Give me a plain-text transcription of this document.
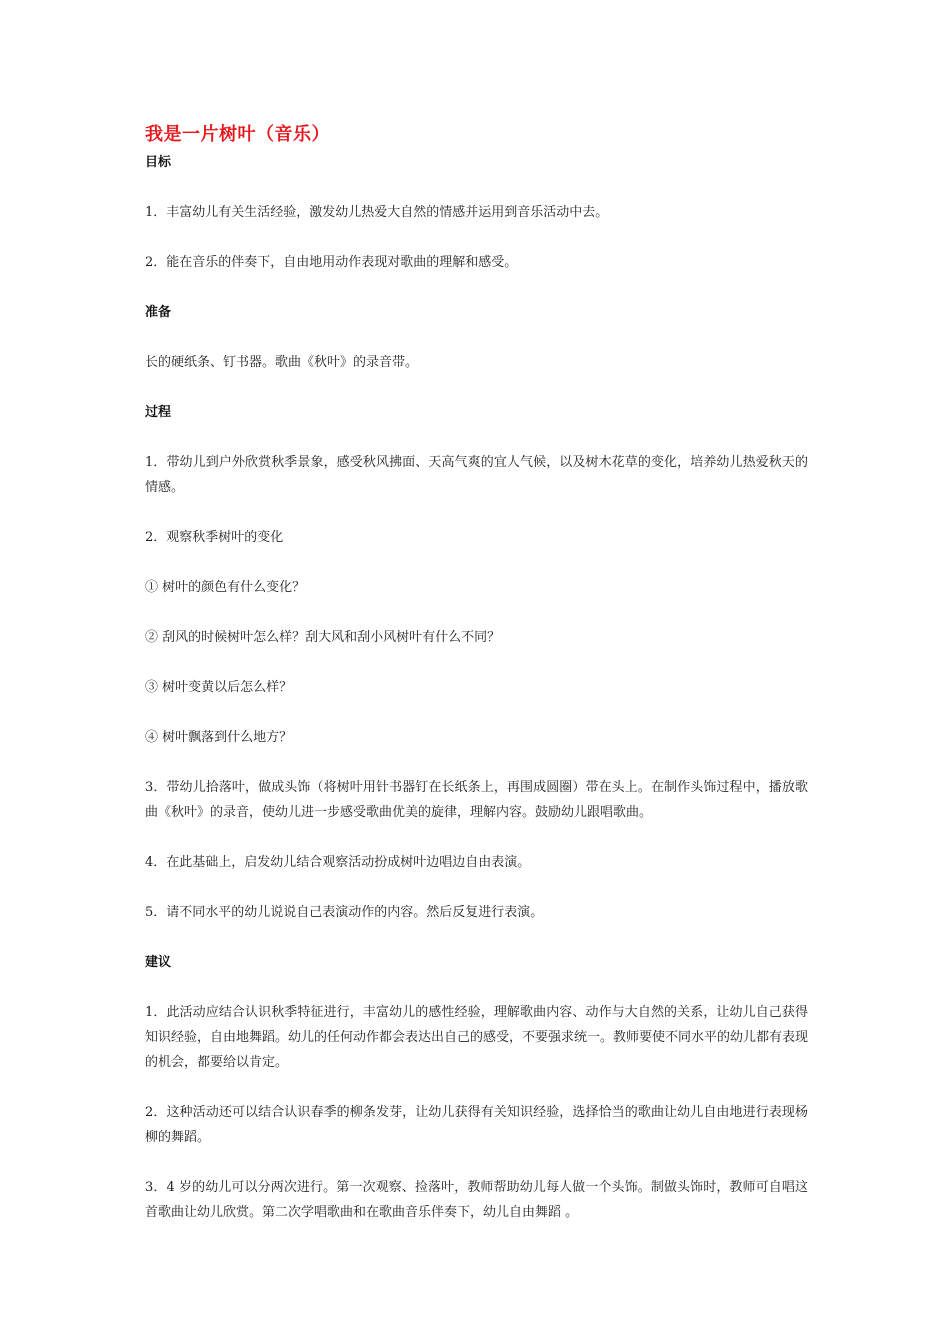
我是一片树叶（音乐）
目标

1．丰富幼儿有关生活经验，激发幼儿热爱大自然的情感并运用到音乐活动中去。

2．能在音乐的伴奏下，自由地用动作表现对歌曲的理解和感受。

准备

长的硬纸条、钉书器。歌曲《秋叶》的录音带。

过程

1．带幼儿到户外欣赏秋季景象，感受秋风拂面、天高气爽的宜人气候，以及树木花草的变化，培养幼儿热爱秋天的情感。

2．观察秋季树叶的变化

① 树叶的颜色有什么变化？

② 刮风的时候树叶怎么样？刮大风和刮小风树叶有什么不同？

③ 树叶变黄以后怎么样？

④ 树叶飘落到什么地方？

3．带幼儿拾落叶，做成头饰（将树叶用针书器钉在长纸条上，再围成圆圈）带在头上。在制作头饰过程中，播放歌曲《秋叶》的录音，使幼儿进一步感受歌曲优美的旋律，理解内容。鼓励幼儿跟唱歌曲。

4．在此基础上，启发幼儿结合观察活动扮成树叶边唱边自由表演。

5．请不同水平的幼儿说说自己表演动作的内容。然后反复进行表演。

建议

1．此活动应结合认识秋季特征进行，丰富幼儿的感性经验，理解歌曲内容、动作与大自然的关系，让幼儿自己获得知识经验，自由地舞蹈。幼儿的任何动作都会表达出自己的感受，不要强求统一。教师要使不同水平的幼儿都有表现的机会，都要给以肯定。

2．这种活动还可以结合认识春季的柳条发芽，让幼儿获得有关知识经验，选择恰当的歌曲让幼儿自由地进行表现杨柳的舞蹈。

3．4 岁的幼儿可以分两次进行。第一次观察、捡落叶，教师帮助幼儿每人做一个头饰。制做头饰时，教师可自唱这首歌曲让幼儿欣赏。第二次学唱歌曲和在歌曲音乐伴奏下，幼儿自由舞蹈 。
